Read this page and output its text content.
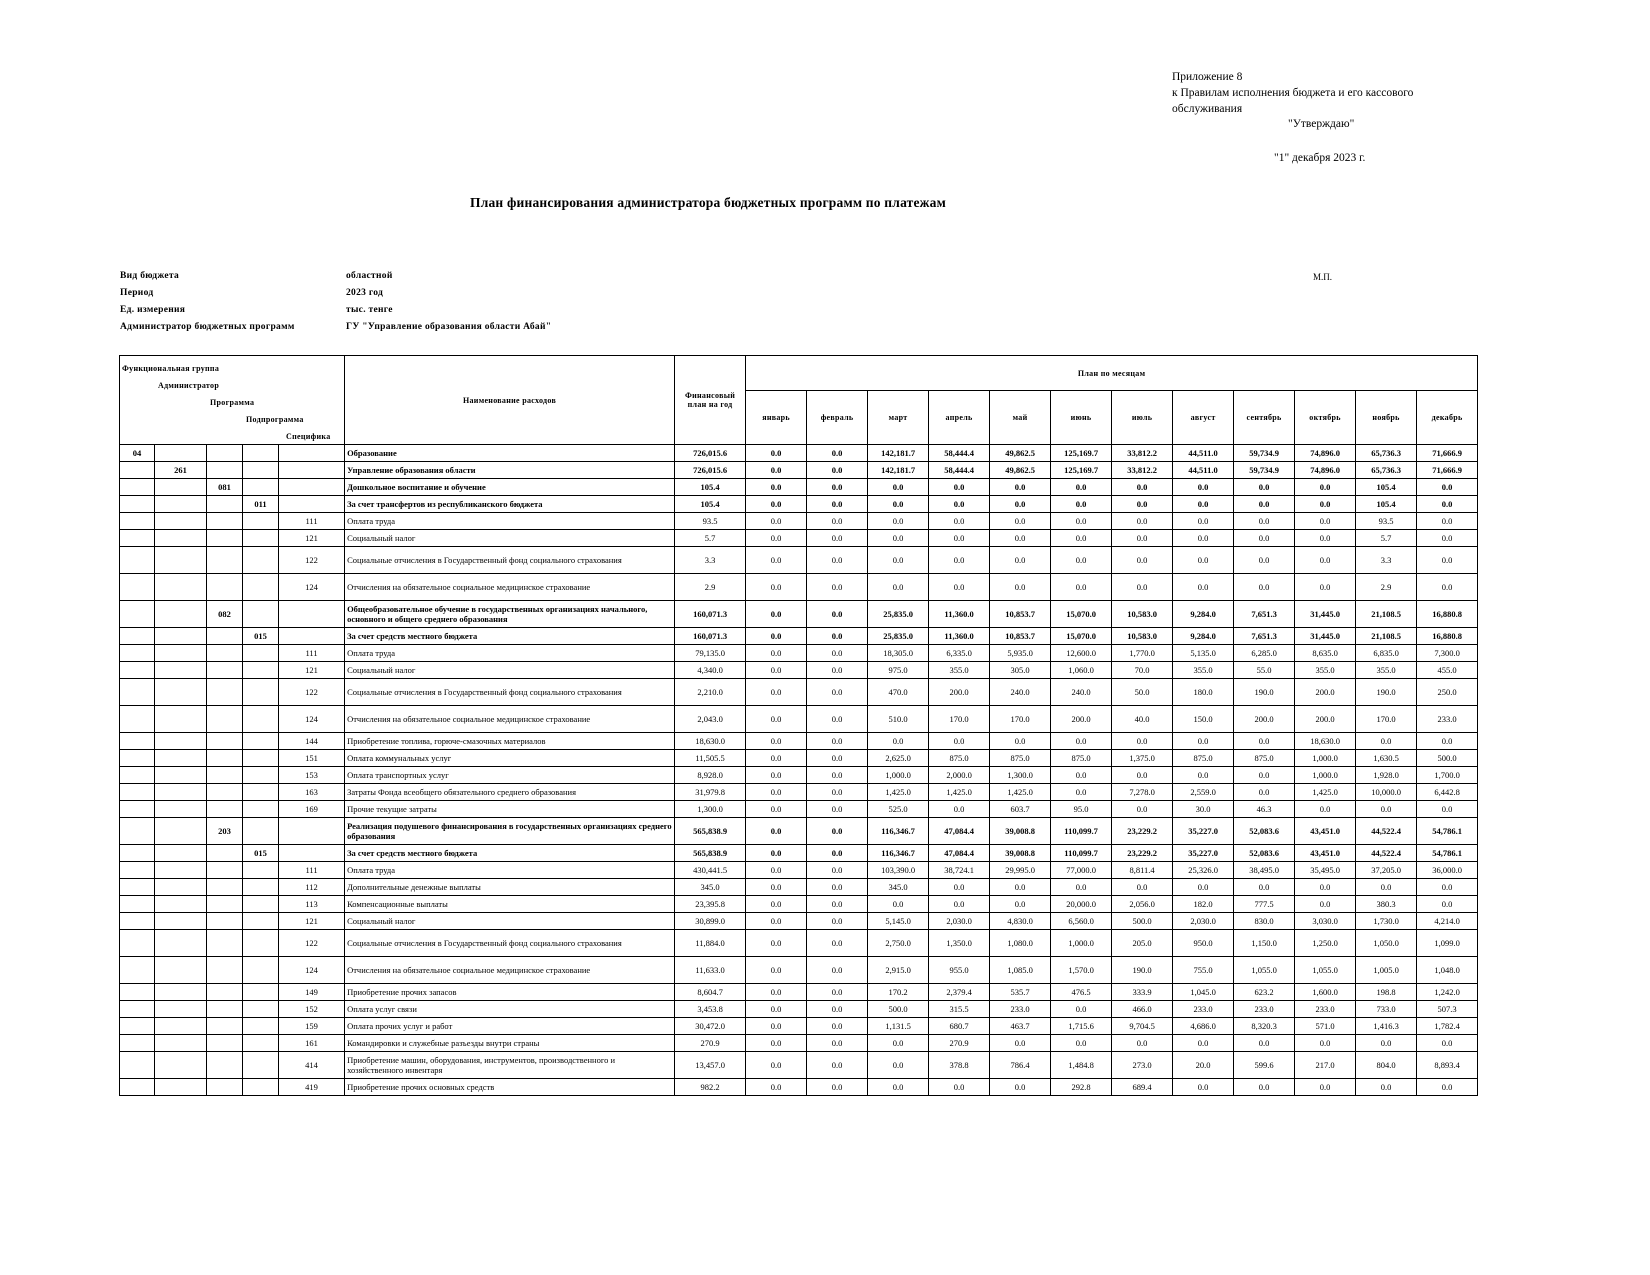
Приложение 8
к Правилам исполнения бюджета и его кассового
обслуживания
"Утверждаю"
"1" декабря 2023 г.
План финансирования администратора бюджетных программ по платежам
Вид бюджета	областной
Период	2023 год
Ед. измерения	тыс. тенге
Администратор бюджетных программ	ГУ "Управление образования области Абай"
М.П.
Функциональная группа
Администратор
Программа
Подпрограмма
Специфика					Наименование расходов	Финансовый план на год	План по месяцам											
							январь	февраль	март	апрель	май	июнь	июль	август	сентябрь	октябрь	ноябрь	декабрь
04					Образование	726,015.6	0.0	0.0	142,181.7	58,444.4	49,862.5	125,169.7	33,812.2	44,511.0	59,734.9	74,896.0	65,736.3	71,666.9
	261				Управление образования области	726,015.6	0.0	0.0	142,181.7	58,444.4	49,862.5	125,169.7	33,812.2	44,511.0	59,734.9	74,896.0	65,736.3	71,666.9
		081			Дошкольное воспитание и обучение	105.4	0.0	0.0	0.0	0.0	0.0	0.0	0.0	0.0	0.0	0.0	105.4	0.0
			011		За счет трансфертов из республиканского бюджета	105.4	0.0	0.0	0.0	0.0	0.0	0.0	0.0	0.0	0.0	0.0	105.4	0.0
				111	Оплата труда	93.5	0.0	0.0	0.0	0.0	0.0	0.0	0.0	0.0	0.0	0.0	93.5	0.0
				121	Социальный налог	5.7	0.0	0.0	0.0	0.0	0.0	0.0	0.0	0.0	0.0	0.0	5.7	0.0
				122	Социальные отчисления в Государственный фонд социального страхования	3.3	0.0	0.0	0.0	0.0	0.0	0.0	0.0	0.0	0.0	0.0	3.3	0.0
				124	Отчисления на обязательное социальное медицинское страхование	2.9	0.0	0.0	0.0	0.0	0.0	0.0	0.0	0.0	0.0	0.0	2.9	0.0
		082			Общеобразовательное обучение в государственных организациях начального, основного и общего среднего образования	160,071.3	0.0	0.0	25,835.0	11,360.0	10,853.7	15,070.0	10,583.0	9,284.0	7,651.3	31,445.0	21,108.5	16,880.8
			015		За счет средств местного бюджета	160,071.3	0.0	0.0	25,835.0	11,360.0	10,853.7	15,070.0	10,583.0	9,284.0	7,651.3	31,445.0	21,108.5	16,880.8
				111	Оплата труда	79,135.0	0.0	0.0	18,305.0	6,335.0	5,935.0	12,600.0	1,770.0	5,135.0	6,285.0	8,635.0	6,835.0	7,300.0
				121	Социальный налог	4,340.0	0.0	0.0	975.0	355.0	305.0	1,060.0	70.0	355.0	55.0	355.0	355.0	455.0
				122	Социальные отчисления в Государственный фонд социального страхования	2,210.0	0.0	0.0	470.0	200.0	240.0	240.0	50.0	180.0	190.0	200.0	190.0	250.0
				124	Отчисления на обязательное социальное медицинское страхование	2,043.0	0.0	0.0	510.0	170.0	170.0	200.0	40.0	150.0	200.0	200.0	170.0	233.0
				144	Приобретение топлива, горюче-смазочных материалов	18,630.0	0.0	0.0	0.0	0.0	0.0	0.0	0.0	0.0	0.0	18,630.0	0.0	0.0
				151	Оплата коммунальных услуг	11,505.5	0.0	0.0	2,625.0	875.0	875.0	875.0	1,375.0	875.0	875.0	1,000.0	1,630.5	500.0
				153	Оплата транспортных услуг	8,928.0	0.0	0.0	1,000.0	2,000.0	1,300.0	0.0	0.0	0.0	0.0	1,000.0	1,928.0	1,700.0
				163	Затраты Фонда всеобщего обязательного среднего образования	31,979.8	0.0	0.0	1,425.0	1,425.0	1,425.0	0.0	7,278.0	2,559.0	0.0	1,425.0	10,000.0	6,442.8
				169	Прочие текущие затраты	1,300.0	0.0	0.0	525.0	0.0	603.7	95.0	0.0	30.0	46.3	0.0	0.0	0.0
		203			Реализация подушевого финансирования в государственных организациях среднего образования	565,838.9	0.0	0.0	116,346.7	47,084.4	39,008.8	110,099.7	23,229.2	35,227.0	52,083.6	43,451.0	44,522.4	54,786.1
			015		За счет средств местного бюджета	565,838.9	0.0	0.0	116,346.7	47,084.4	39,008.8	110,099.7	23,229.2	35,227.0	52,083.6	43,451.0	44,522.4	54,786.1
				111	Оплата труда	430,441.5	0.0	0.0	103,390.0	38,724.1	29,995.0	77,000.0	8,811.4	25,326.0	38,495.0	35,495.0	37,205.0	36,000.0
				112	Дополнительные денежные выплаты	345.0	0.0	0.0	345.0	0.0	0.0	0.0	0.0	0.0	0.0	0.0	0.0	0.0
				113	Компенсационные выплаты	23,395.8	0.0	0.0	0.0	0.0	0.0	20,000.0	2,056.0	182.0	777.5	0.0	380.3	0.0
				121	Социальный налог	30,899.0	0.0	0.0	5,145.0	2,030.0	4,830.0	6,560.0	500.0	2,030.0	830.0	3,030.0	1,730.0	4,214.0
				122	Социальные отчисления в Государственный фонд социального страхования	11,884.0	0.0	0.0	2,750.0	1,350.0	1,080.0	1,000.0	205.0	950.0	1,150.0	1,250.0	1,050.0	1,099.0
				124	Отчисления на обязательное социальное медицинское страхование	11,633.0	0.0	0.0	2,915.0	955.0	1,085.0	1,570.0	190.0	755.0	1,055.0	1,055.0	1,005.0	1,048.0
				149	Приобретение прочих запасов	8,604.7	0.0	0.0	170.2	2,379.4	535.7	476.5	333.9	1,045.0	623.2	1,600.0	198.8	1,242.0
				152	Оплата услуг связи	3,453.8	0.0	0.0	500.0	315.5	233.0	0.0	466.0	233.0	233.0	233.0	733.0	507.3
				159	Оплата прочих услуг и работ	30,472.0	0.0	0.0	1,131.5	680.7	463.7	1,715.6	9,704.5	4,686.0	8,320.3	571.0	1,416.3	1,782.4
				161	Командировки и служебные разъезды внутри страны	270.9	0.0	0.0	0.0	270.9	0.0	0.0	0.0	0.0	0.0	0.0	0.0	0.0
				414	Приобретение машин, оборудования, инструментов, производственного и хозяйственного инвентаря	13,457.0	0.0	0.0	0.0	378.8	786.4	1,484.8	273.0	20.0	599.6	217.0	804.0	8,893.4
				419	Приобретение прочих основных средств	982.2	0.0	0.0	0.0	0.0	0.0	292.8	689.4	0.0	0.0	0.0	0.0	0.0
